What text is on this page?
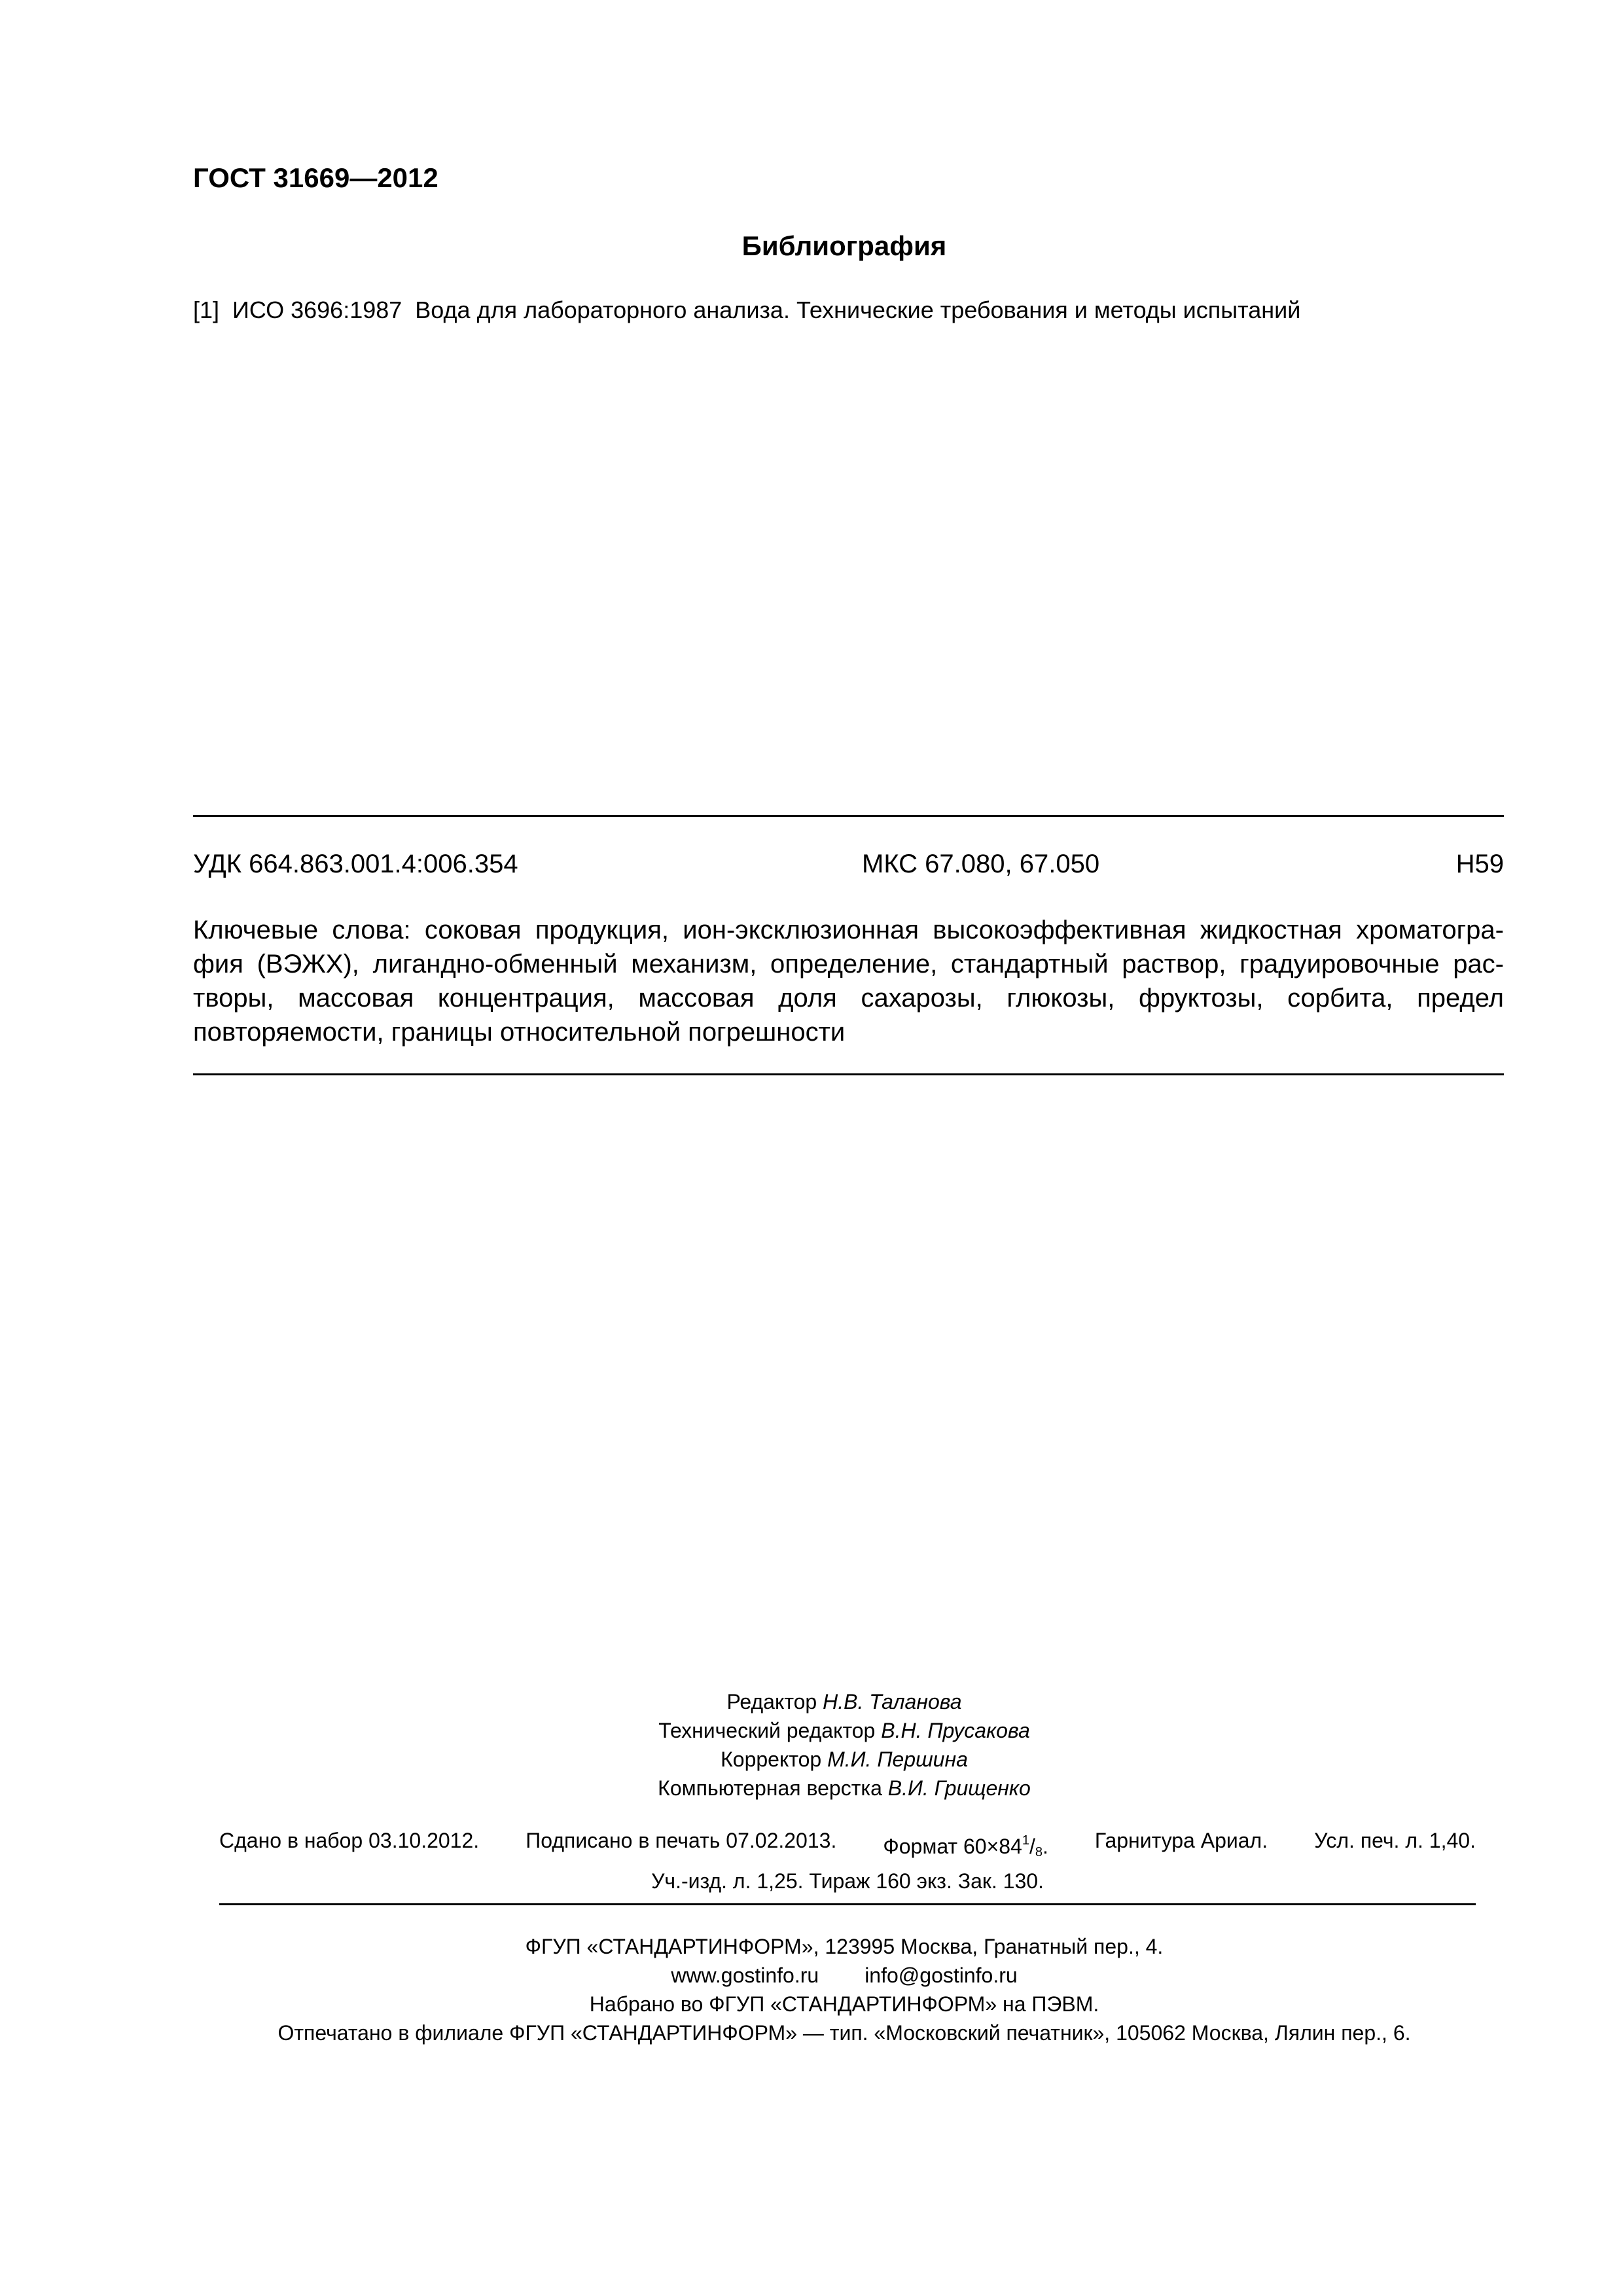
ГОСТ 31669—2012
Библиография
[1]  ИСО 3696:1987  Вода для лабораторного анализа. Технические требования и методы испытаний
УДК 664.863.001.4:006.354	МКС 67.080, 67.050	Н59
Ключевые слова: соковая продукция, ион-эксклюзионная высокоэффективная жидкостная хроматогра-фия (ВЭЖХ), лигандно-обменный механизм, определение, стандартный раствор, градуировочные рас-творы, массовая концентрация, массовая доля сахарозы, глюкозы, фруктозы, сорбита, предел повторяемости, границы относительной погрешности
Редактор Н.В. Таланова
Технический редактор В.Н. Прусакова
Корректор М.И. Першина
Компьютерная верстка В.И. Грищенко
Сдано в набор 03.10.2012. Подписано в печать 07.02.2013. Формат $60\times 84^1/_8$. Гарнитура Ариал. Усл. печ. л. 1,40.
Уч.-изд. л. 1,25. Тираж 160 экз. Зак. 130.
ФГУП «СТАНДАРТИНФОРМ», 123995 Москва, Гранатный пер., 4.
www.gostinfo.ru info@gostinfo.ru
Набрано во ФГУП «СТАНДАРТИНФОРМ» на ПЭВМ.
Отпечатано в филиале ФГУП «СТАНДАРТИНФОРМ» — тип. «Московский печатник», 105062 Москва, Лялин пер., 6.
